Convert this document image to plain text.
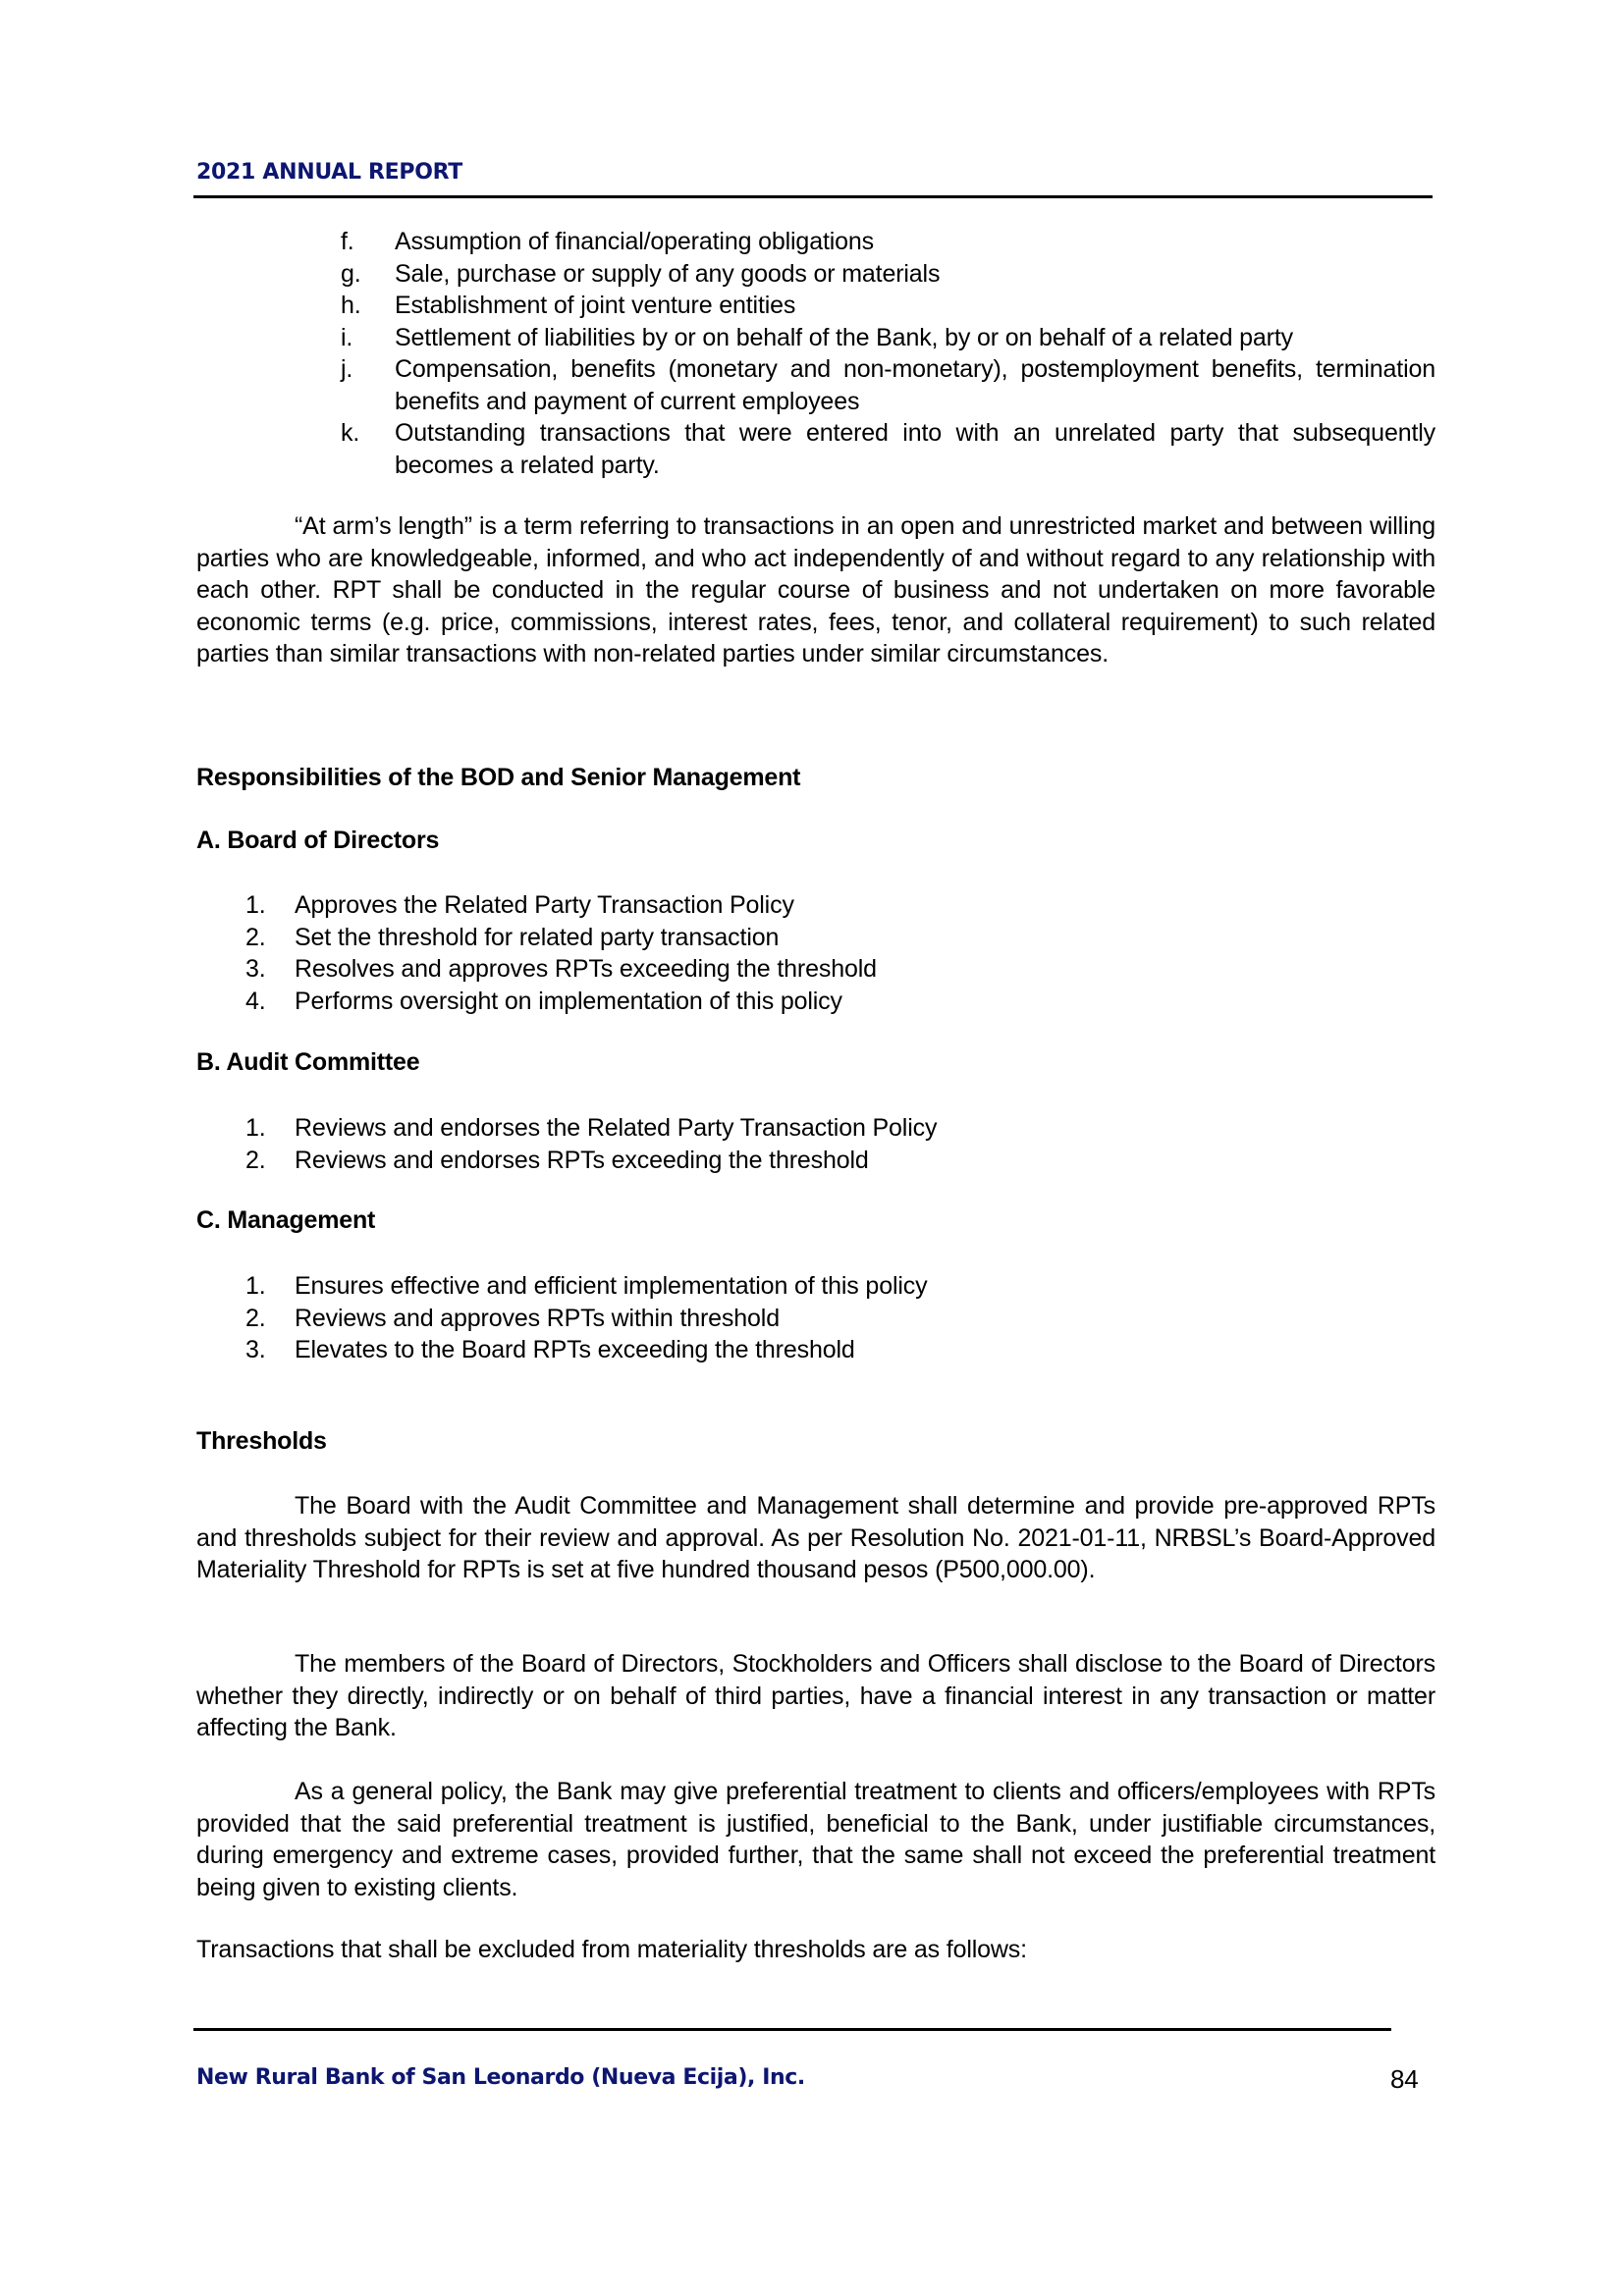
2021 ANNUAL REPORT
f. Assumption of financial/operating obligations
g. Sale, purchase or supply of any goods or materials
h. Establishment of joint venture entities
i. Settlement of liabilities by or on behalf of the Bank, by or on behalf of a related party
j. Compensation, benefits (monetary and non-monetary), postemployment benefits, termination benefits and payment of current employees
k. Outstanding transactions that were entered into with an unrelated party that subsequently becomes a related party.
“At arm’s length” is a term referring to transactions in an open and unrestricted market and between willing parties who are knowledgeable, informed, and who act independently of and without regard to any relationship with each other. RPT shall be conducted in the regular course of business and not undertaken on more favorable economic terms (e.g. price, commissions, interest rates, fees, tenor, and collateral requirement) to such related parties than similar transactions with non-related parties under similar circumstances.
Responsibilities of the BOD and Senior Management
A. Board of Directors
1. Approves the Related Party Transaction Policy
2. Set the threshold for related party transaction
3. Resolves and approves RPTs exceeding the threshold
4. Performs oversight on implementation of this policy
B. Audit Committee
1. Reviews and endorses the Related Party Transaction Policy
2. Reviews and endorses RPTs exceeding the threshold
C. Management
1. Ensures effective and efficient implementation of this policy
2. Reviews and approves RPTs within threshold
3. Elevates to the Board RPTs exceeding the threshold
Thresholds
The Board with the Audit Committee and Management shall determine and provide pre-approved RPTs and thresholds subject for their review and approval. As per Resolution No. 2021-01-11, NRBSL’s Board-Approved Materiality Threshold for RPTs is set at five hundred thousand pesos (P500,000.00).
The members of the Board of Directors, Stockholders and Officers shall disclose to the Board of Directors whether they directly, indirectly or on behalf of third parties, have a financial interest in any transaction or matter affecting the Bank.
As a general policy, the Bank may give preferential treatment to clients and officers/employees with RPTs provided that the said preferential treatment is justified, beneficial to the Bank, under justifiable circumstances, during emergency and extreme cases, provided further, that the same shall not exceed the preferential treatment being given to existing clients.
Transactions that shall be excluded from materiality thresholds are as follows:
New Rural Bank of San Leonardo (Nueva Ecija), Inc.	84
